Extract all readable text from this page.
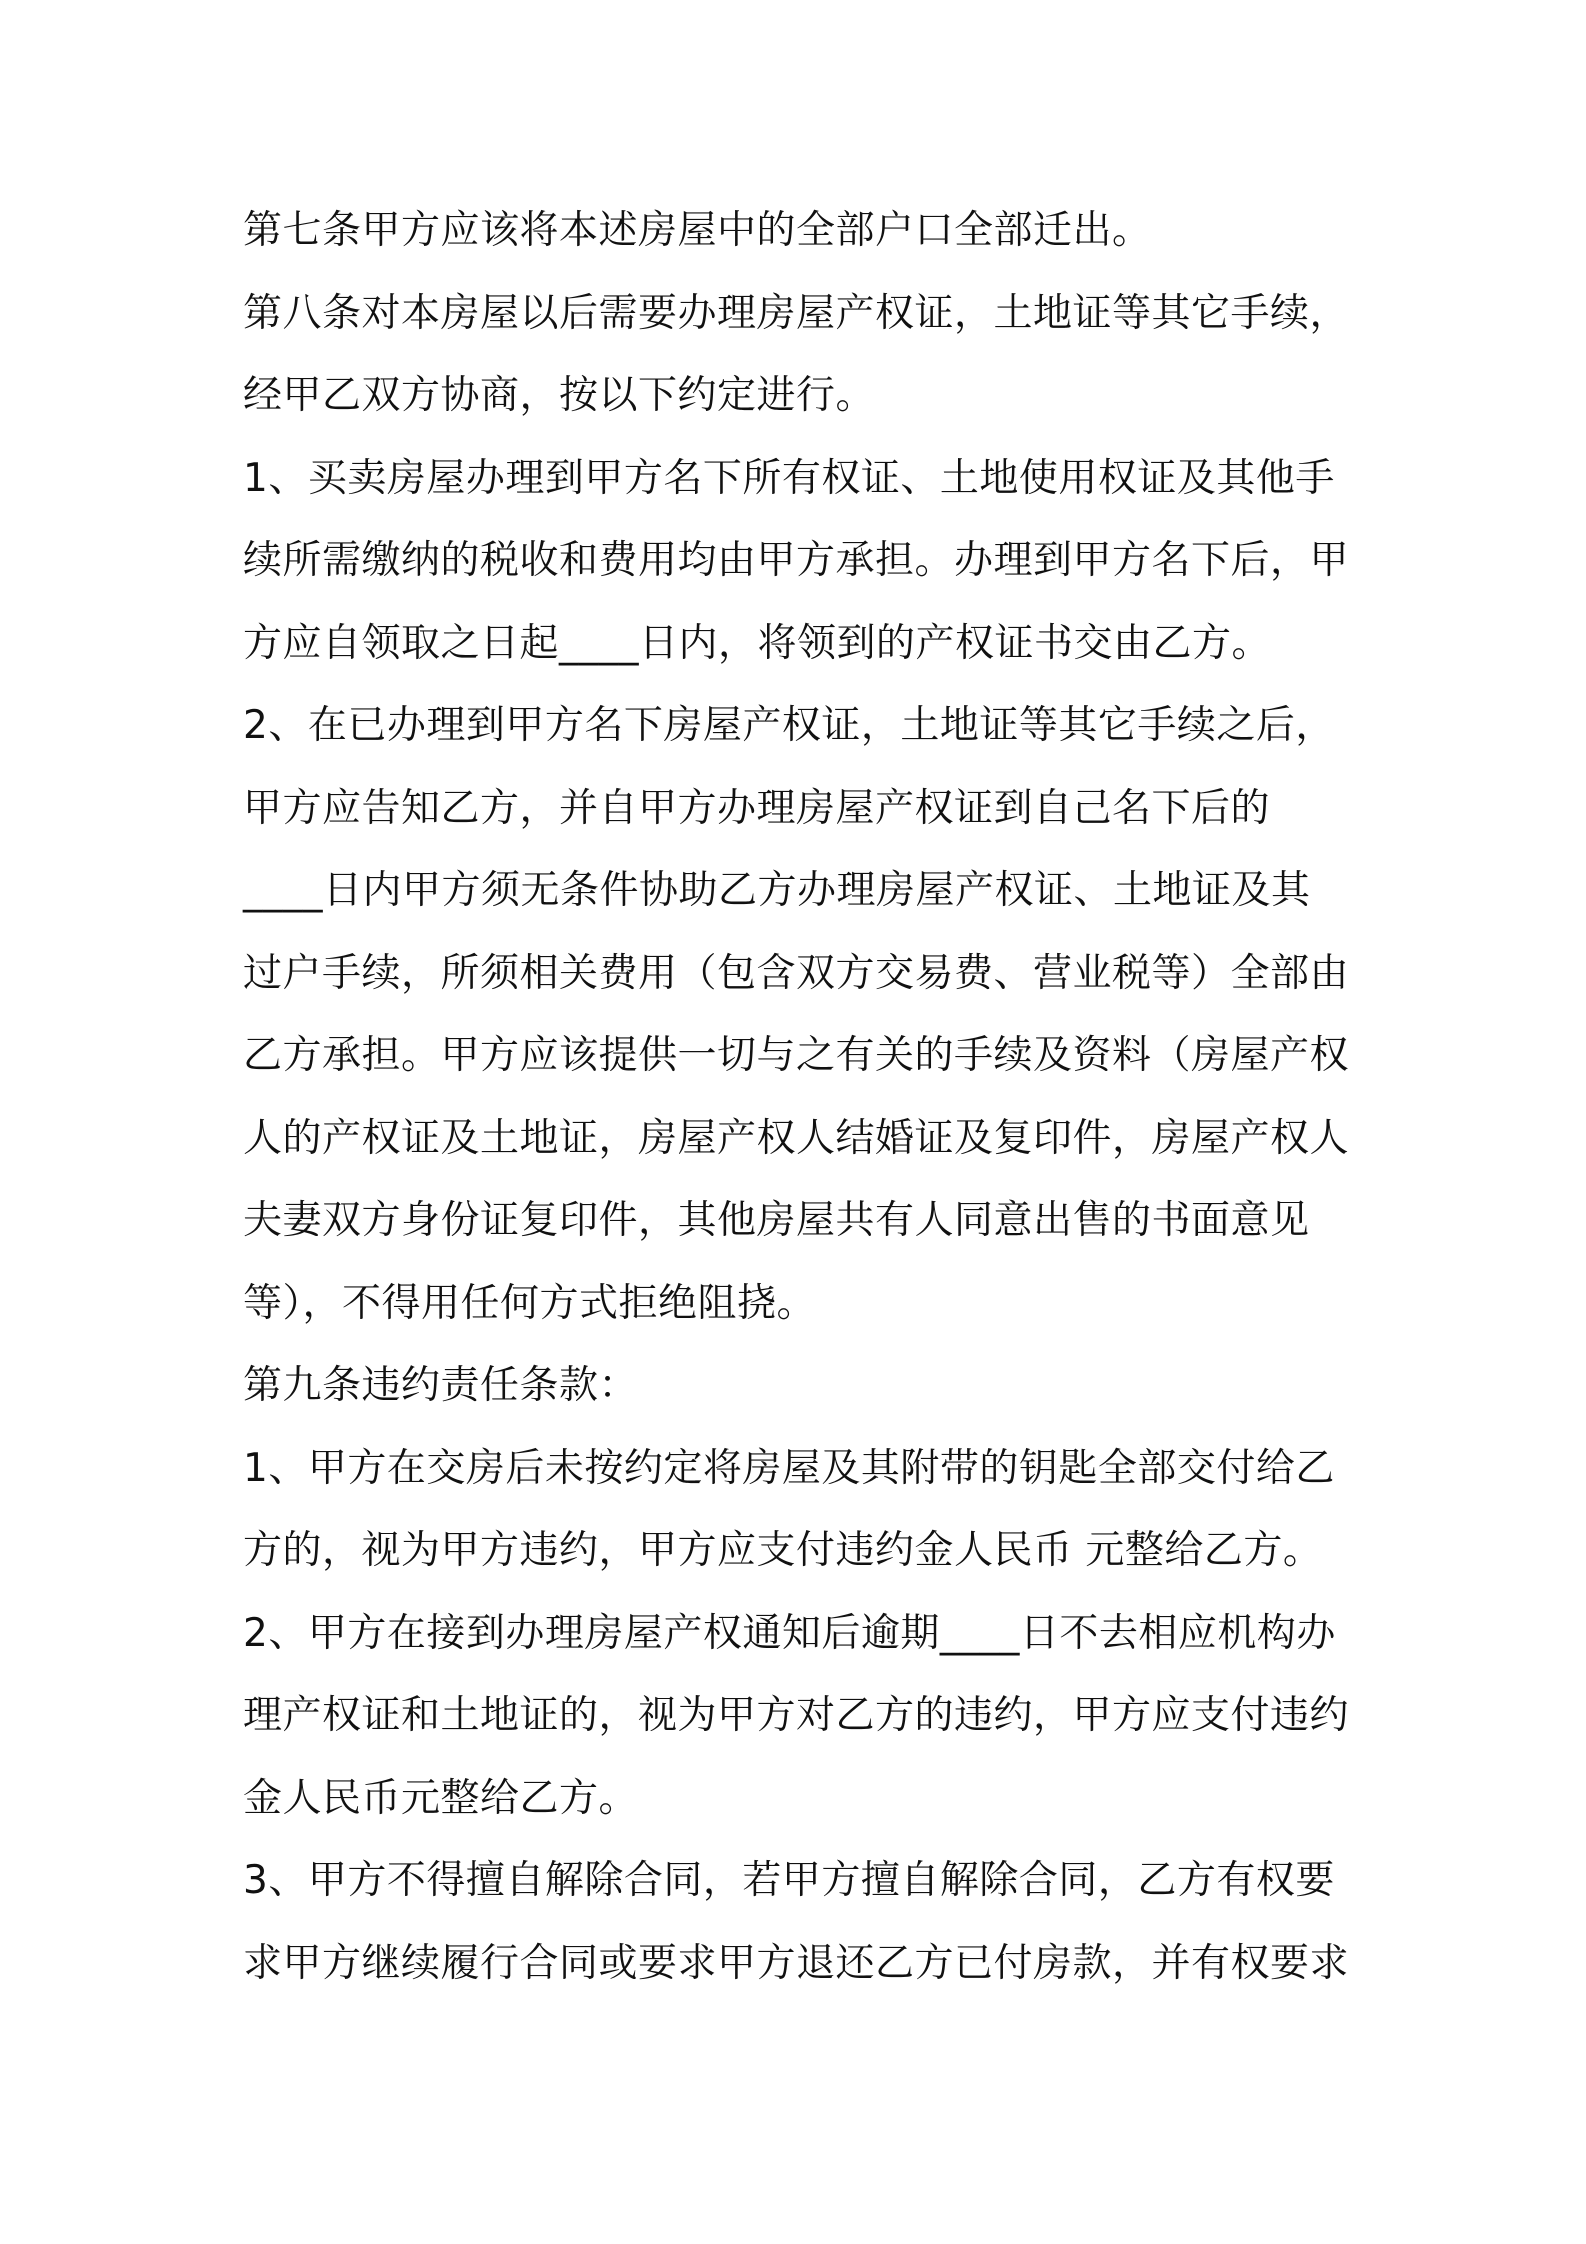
第七条甲方应该将本述房屋中的全部户口全部迁出。

第八条对本房屋以后需要办理房屋产权证，土地证等其它手续，

经甲乙双方协商，按以下约定进行。

1、买卖房屋办理到甲方名下所有权证、土地使用权证及其他手

续所需缴纳的税收和费用均由甲方承担。办理到甲方名下后，甲

方应自领取之日起____日内，将领到的产权证书交由乙方。

2、在已办理到甲方名下房屋产权证，土地证等其它手续之后，

甲方应告知乙方，并自甲方办理房屋产权证到自己名下后的

____日内甲方须无条件协助乙方办理房屋产权证、土地证及其

过户手续，所须相关费用（包含双方交易费、营业税等）全部由

乙方承担。甲方应该提供一切与之有关的手续及资料（房屋产权

人的产权证及土地证，房屋产权人结婚证及复印件，房屋产权人

夫妻双方身份证复印件，其他房屋共有人同意出售的书面意见

等），不得用任何方式拒绝阻挠。

第九条违约责任条款：

1、甲方在交房后未按约定将房屋及其附带的钥匙全部交付给乙

方的，视为甲方违约，甲方应支付违约金人民币 元整给乙方。

2、甲方在接到办理房屋产权通知后逾期____日不去相应机构办

理产权证和土地证的，视为甲方对乙方的违约，甲方应支付违约

金人民币元整给乙方。

3、甲方不得擅自解除合同，若甲方擅自解除合同，乙方有权要

求甲方继续履行合同或要求甲方退还乙方已付房款，并有权要求
